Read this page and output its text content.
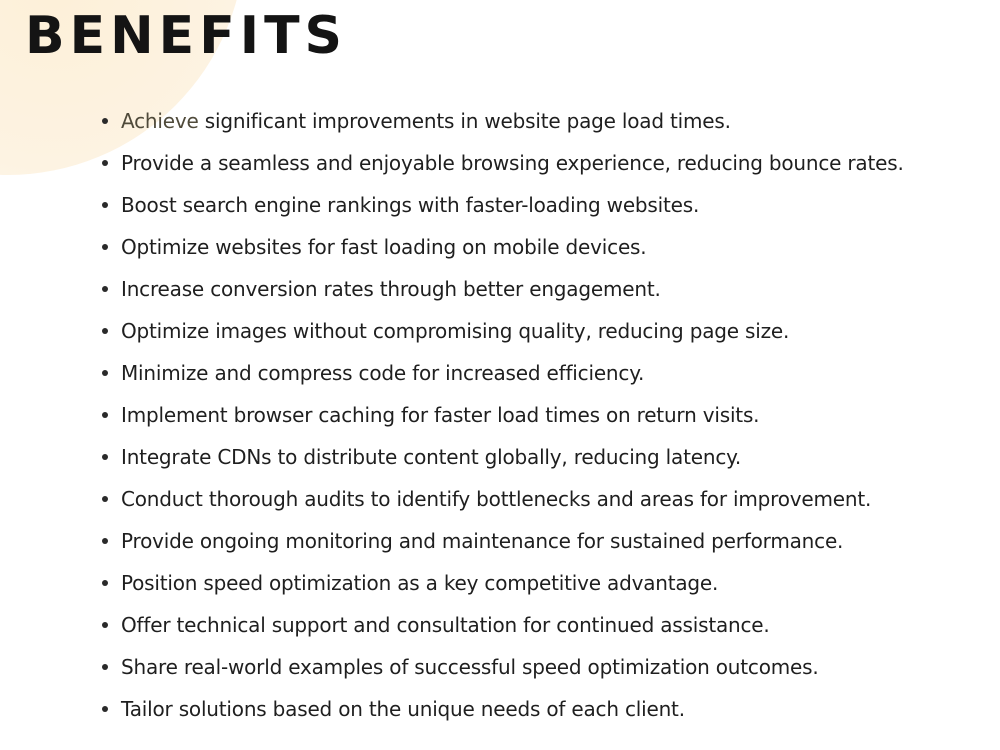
BENEFITS
Achieve significant improvements in website page load times.
Provide a seamless and enjoyable browsing experience, reducing bounce rates.
Boost search engine rankings with faster-loading websites.
Optimize websites for fast loading on mobile devices.
Increase conversion rates through better engagement.
Optimize images without compromising quality, reducing page size.
Minimize and compress code for increased efficiency.
Implement browser caching for faster load times on return visits.
Integrate CDNs to distribute content globally, reducing latency.
Conduct thorough audits to identify bottlenecks and areas for improvement.
Provide ongoing monitoring and maintenance for sustained performance.
Position speed optimization as a key competitive advantage.
Offer technical support and consultation for continued assistance.
Share real-world examples of successful speed optimization outcomes.
Tailor solutions based on the unique needs of each client.
